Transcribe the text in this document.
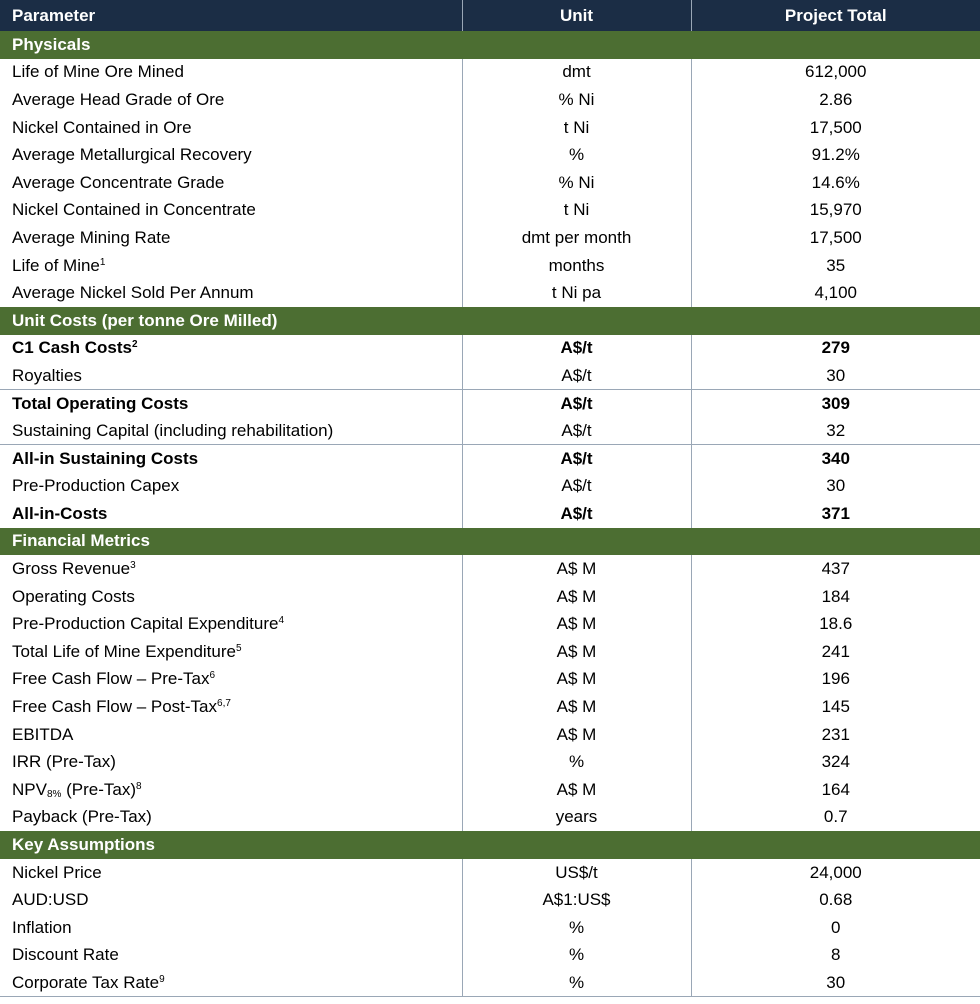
Parameter	Unit	Project Total
Physicals		
Life of Mine Ore Mined	dmt	612,000
Average Head Grade of Ore	% Ni	2.86
Nickel Contained in Ore	t Ni	17,500
Average Metallurgical Recovery	%	91.2%
Average Concentrate Grade	% Ni	14.6%
Nickel Contained in Concentrate	t Ni	15,970
Average Mining Rate	dmt per month	17,500
Life of Mine$^1$	months	35
Average Nickel Sold Per Annum	t Ni pa	4,100
Unit Costs (per tonne Ore Milled)		
C1 Cash Costs$^2$	A$/t	279
Royalties	A$/t	30
Total Operating Costs	A$/t	309
Sustaining Capital (including rehabilitation)	A$/t	32
All-in Sustaining Costs	A$/t	340
Pre-Production Capex	A$/t	30
All-in-Costs	A$/t	371
Financial Metrics		
Gross Revenue$^3$	A$ M	437
Operating Costs	A$ M	184
Pre-Production Capital Expenditure$^4$	A$ M	18.6
Total Life of Mine Expenditure$^5$	A$ M	241
Free Cash Flow – Pre-Tax$^6$	A$ M	196
Free Cash Flow – Post-Tax$^{6,7}$	A$ M	145
EBITDA	A$ M	231
IRR (Pre-Tax)	%	324
$NPV_{8\%}$ $(Pre-Tax)^8$	A$ M	164
Payback (Pre-Tax)	years	0.7
Key Assumptions		
Nickel Price	US$/t	24,000
AUD:USD	A$1:US$	0.68
Inflation	%	0
Discount Rate	%	8
Corporate Tax Rate$^9$	%	30
